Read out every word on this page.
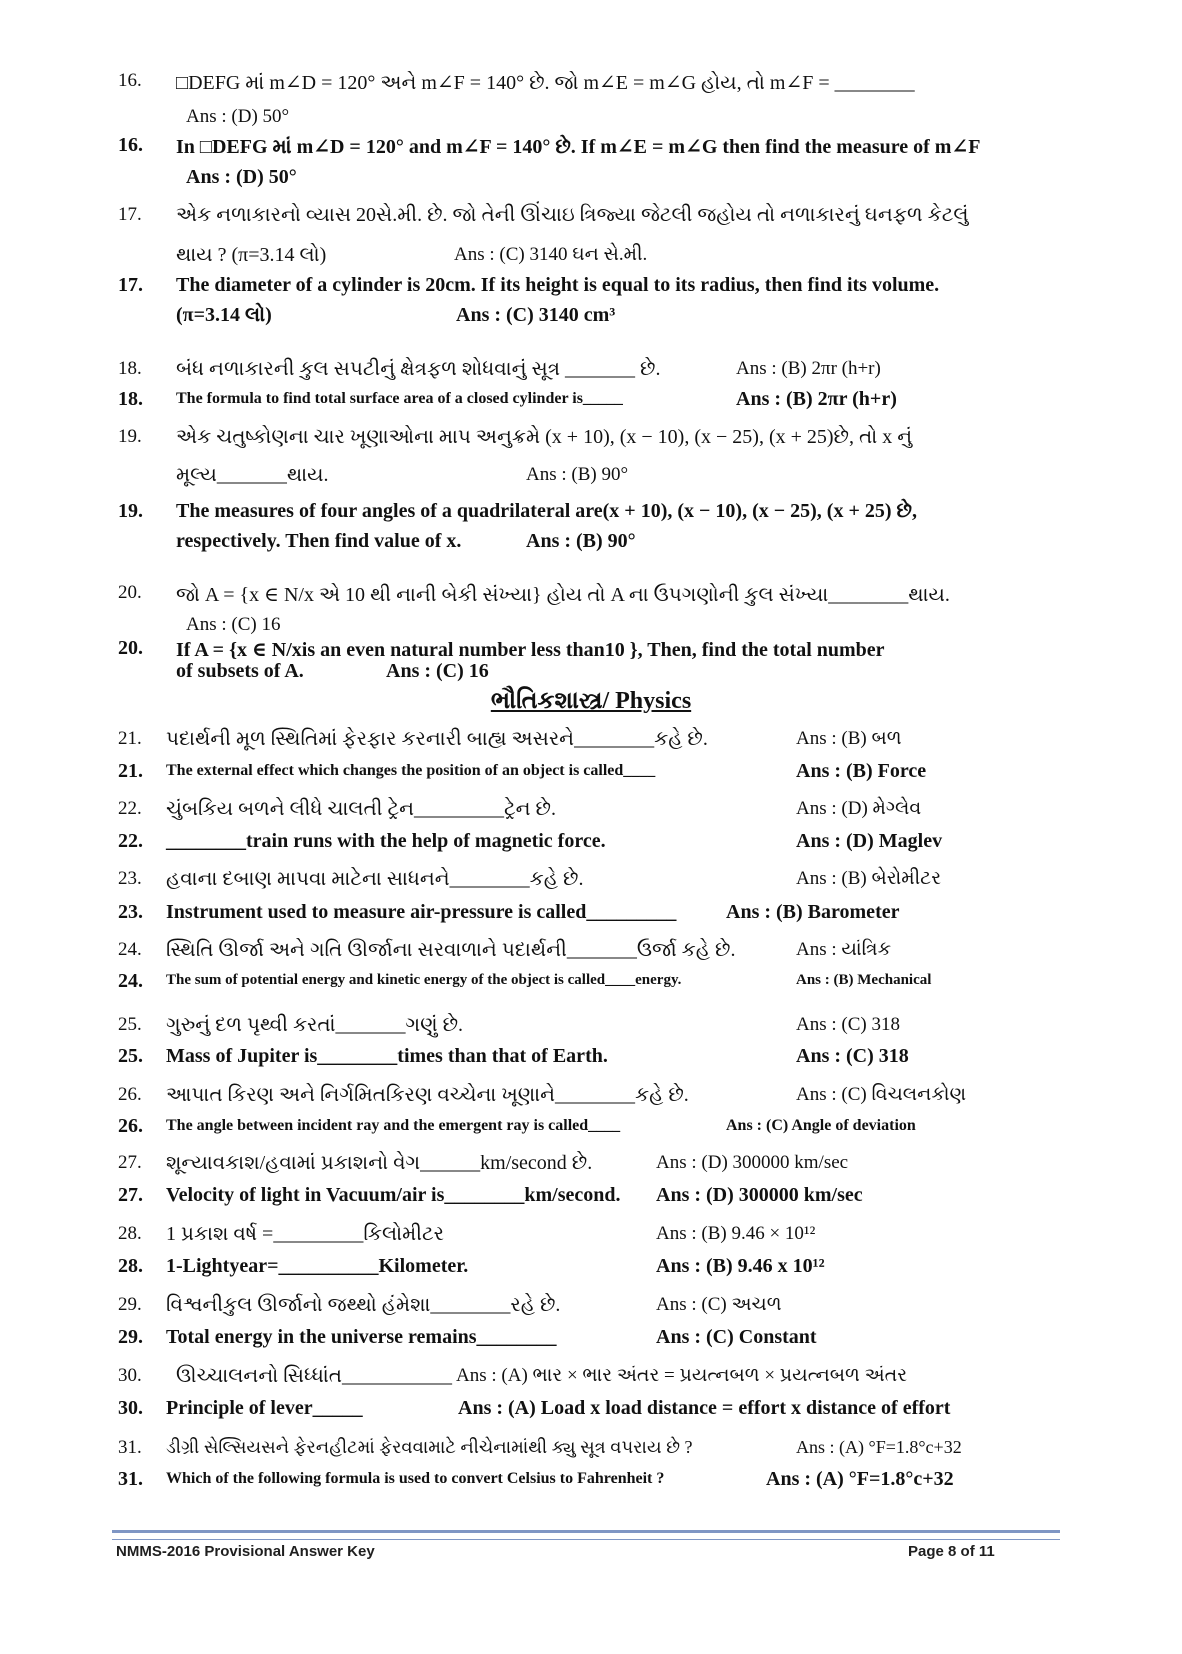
16. □DEFG માં m∠D = 120° અને m∠F = 140° છે. જો m∠E = m∠G હોય, તો m∠F = ________
Ans : (D) 50°
16. In □DEFG માં m∠D = 120° and m∠F = 140° છે. If m∠E = m∠G then find the measure of m∠F
Ans : (D) 50°
17. એક નળાકારનો વ્યાસ 20સે.મી. છે. જો તેની ઊંચાઇ ત્રિજ્યા જેટલી જહોય તો નળાકારનું ઘનફળ કેટલું
થાય ? (π=3.14 લો)	Ans : (C) 3140 ઘન સે.મી.
17. The diameter of a cylinder is 20cm. If its height is equal to its radius, then find its volume.
(π=3.14 લો)	Ans : (C) 3140 cm³
18. બંધ નળાકારની કુલ સપટીનું ક્ષેત્રફળ શોધવાનું સૂત્ર _______ છે.	Ans : (B) 2πr (h+r)
18. The formula to find total surface area of a closed cylinder is_____	Ans : (B) 2πr (h+r)
19. એક ચતુષ્કોણના ચાર ખૂણાઓના માપ અનુક્રમે (x + 10), (x − 10), (x − 25), (x + 25)છે, તો x નું
મૂલ્ય_______થાય.	Ans : (B) 90°
19. The measures of four angles of a quadrilateral are(x + 10), (x − 10), (x − 25), (x + 25) છે,
respectively. Then find value of x.	Ans : (B) 90°
20. જો A = {x ∈ N/x એ 10 થી નાની બેકી સંખ્યા} હોય તો A ના ઉપગણોની કુલ સંખ્યા________થાય.
Ans : (C) 16
20. If A = {x ∈ N/xis an even natural number less than10 }, Then, find the total number
of subsets of A.	Ans : (C) 16
ભૌતિકશાસ્ત્ર/ Physics
21. પદાર્થની મૂળ સ્થિતિમાં ફેરફાર કરનારી બાહ્ય અસરને________કહે છે.	Ans : (B) બળ
21. The external effect which changes the position of an object is called____	Ans : (B) Force
22. ચુંબકિય બળને લીધે ચાલતી ટ્રેન_________ટ્રેન છે.	Ans : (D) મેગ્લેવ
22. ________train runs with the help of magnetic force.	Ans : (D) Maglev
23. હવાના દબાણ માપવા માટેના સાધનને________કહે છે.	Ans : (B) બેરોમીટર
23. Instrument used to measure air-pressure is called_________ Ans : (B) Barometer
24. સ્થિતિ ઊર્જા અને ગતિ ઊર્જાના સરવાળાને પદાર્થની_______ઉર્જા કહે છે.	Ans : યાંત્રિક
24. The sum of potential energy and kinetic energy of the object is called____energy.	Ans : (B) Mechanical
25. ગુરુનું દળ પૃથ્વી કરતાં_______ગણું છે.	Ans : (C) 318
25. Mass of Jupiter is________times than that of Earth.	Ans : (C) 318
26. આપાત કિરણ અને નિર્ગમિતકિરણ વચ્ચેના ખૂણાને________કહે છે.	Ans : (C) વિચલનકોણ
26. The angle between incident ray and the emergent ray is called____	Ans : (C) Angle of deviation
27. શૂન્યાવકાશ/હવામાં પ્રકાશનો વેગ______km/second છે.	Ans : (D) 300000 km/sec
27. Velocity of light in Vacuum/air is________km/second. Ans : (D) 300000 km/sec
28. 1 પ્રકાશ વર્ષ =_________કિલોમીટર	Ans : (B) 9.46 × 10¹²
28. 1-Lightyear=__________Kilometer.	Ans : (B) 9.46 x 10¹²
29. વિશ્વનીકુલ ઊર્જાનો જથ્થો હંમેશા________રહે છે.	Ans : (C) અચળ
29. Total energy in the universe remains________	Ans : (C) Constant
30. ઊચ્ચાલનનો સિધ્ધાંત___________ Ans : (A) ભાર × ભાર અંતર = પ્રયત્નબળ × પ્રયત્નબળ અંતર
30. Principle of lever_____	Ans : (A) Load x load distance = effort x distance of effort
31. ડીગ્રી સેલ્સિયસને ફેરનહીટમાં ફેરવવામાટે નીચેનામાંથી ક્યુ સૂત્ર વપરાય છે ?	Ans : (A) °F=1.8°c+32
31. Which of the following formula is used to convert Celsius to Fahrenheit ?	Ans : (A) °F=1.8°c+32
NMMS-2016 Provisional Answer Key	Page 8 of 11
